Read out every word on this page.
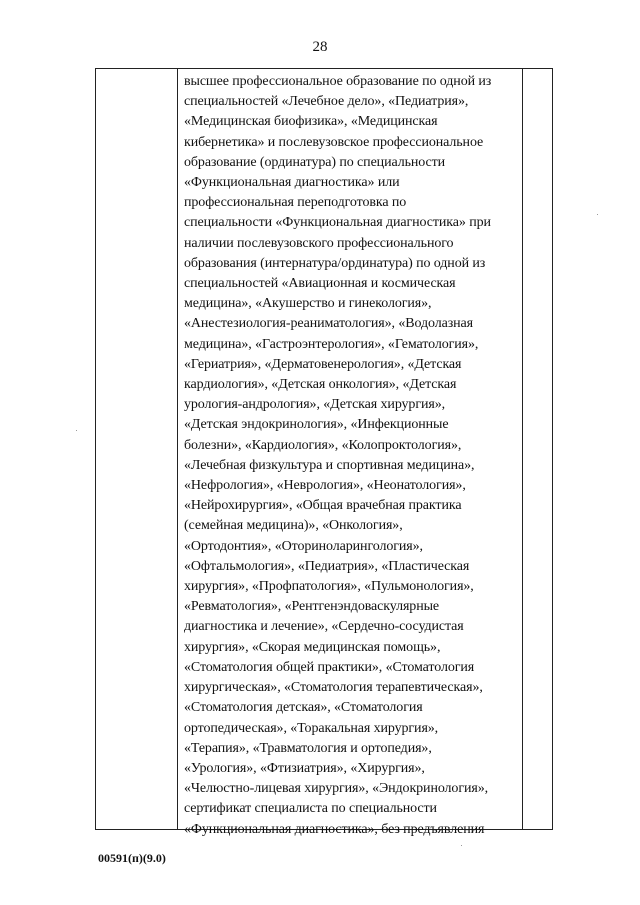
28
высшее профессиональное образование по одной из
специальностей «Лечебное дело», «Педиатрия»,
«Медицинская биофизика», «Медицинская
кибернетика» и послевузовское профессиональное
образование (ординатура) по специальности
«Функциональная диагностика» или
профессиональная переподготовка по
специальности «Функциональная диагностика» при
наличии послевузовского профессионального
образования (интернатура/ординатура) по одной из
специальностей «Авиационная и космическая
медицина», «Акушерство и гинекология»,
«Анестезиология-реаниматология», «Водолазная
медицина», «Гастроэнтерология», «Гематология»,
«Гериатрия», «Дерматовенерология», «Детская
кардиология», «Детская онкология», «Детская
урология-андрология», «Детская хирургия»,
«Детская эндокринология», «Инфекционные
болезни», «Кардиология», «Колопроктология»,
«Лечебная физкультура и спортивная медицина»,
«Нефрология», «Неврология», «Неонатология»,
«Нейрохирургия», «Общая врачебная практика
(семейная медицина)», «Онкология»,
«Ортодонтия», «Оториноларингология»,
«Офтальмология», «Педиатрия», «Пластическая
хирургия», «Профпатология», «Пульмонология»,
«Ревматология», «Рентгенэндоваскулярные
диагностика и лечение», «Сердечно-сосудистая
хирургия», «Скорая медицинская помощь»,
«Стоматология общей практики», «Стоматология
хирургическая», «Стоматология терапевтическая»,
«Стоматология детская», «Стоматология
ортопедическая», «Торакальная хирургия»,
«Терапия», «Травматология и ортопедия»,
«Урология», «Фтизиатрия», «Хирургия»,
«Челюстно-лицевая хирургия», «Эндокринология»,
сертификат специалиста по специальности
«Функциональная диагностика», без предъявления
00591(п)(9.0)
